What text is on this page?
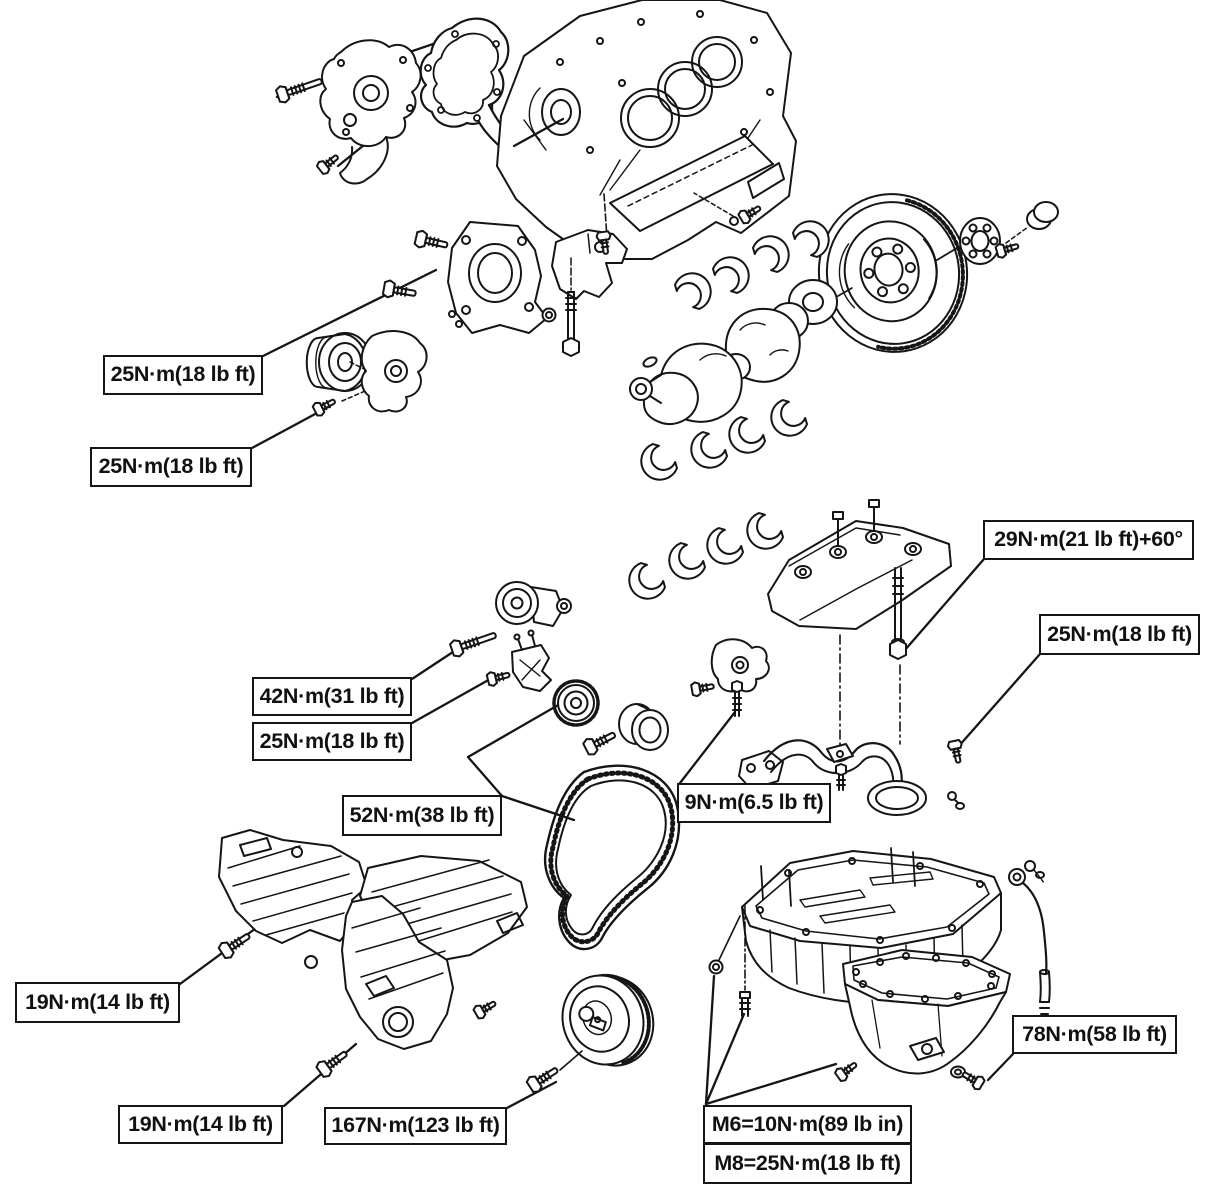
25N·m(18 lb ft)
25N·m(18 lb ft)
29N·m(21 lb ft)+60°
25N·m(18 lb ft)
42N·m(31 lb ft)
25N·m(18 lb ft)
52N·m(38 lb ft)
9N·m(6.5 lb ft)
19N·m(14 lb ft)
19N·m(14 lb ft)	167N·m(123 lb ft)	M6=10N·m(89 lb in)
M8=25N·m(18 lb ft)
78N·m(58 lb ft)
